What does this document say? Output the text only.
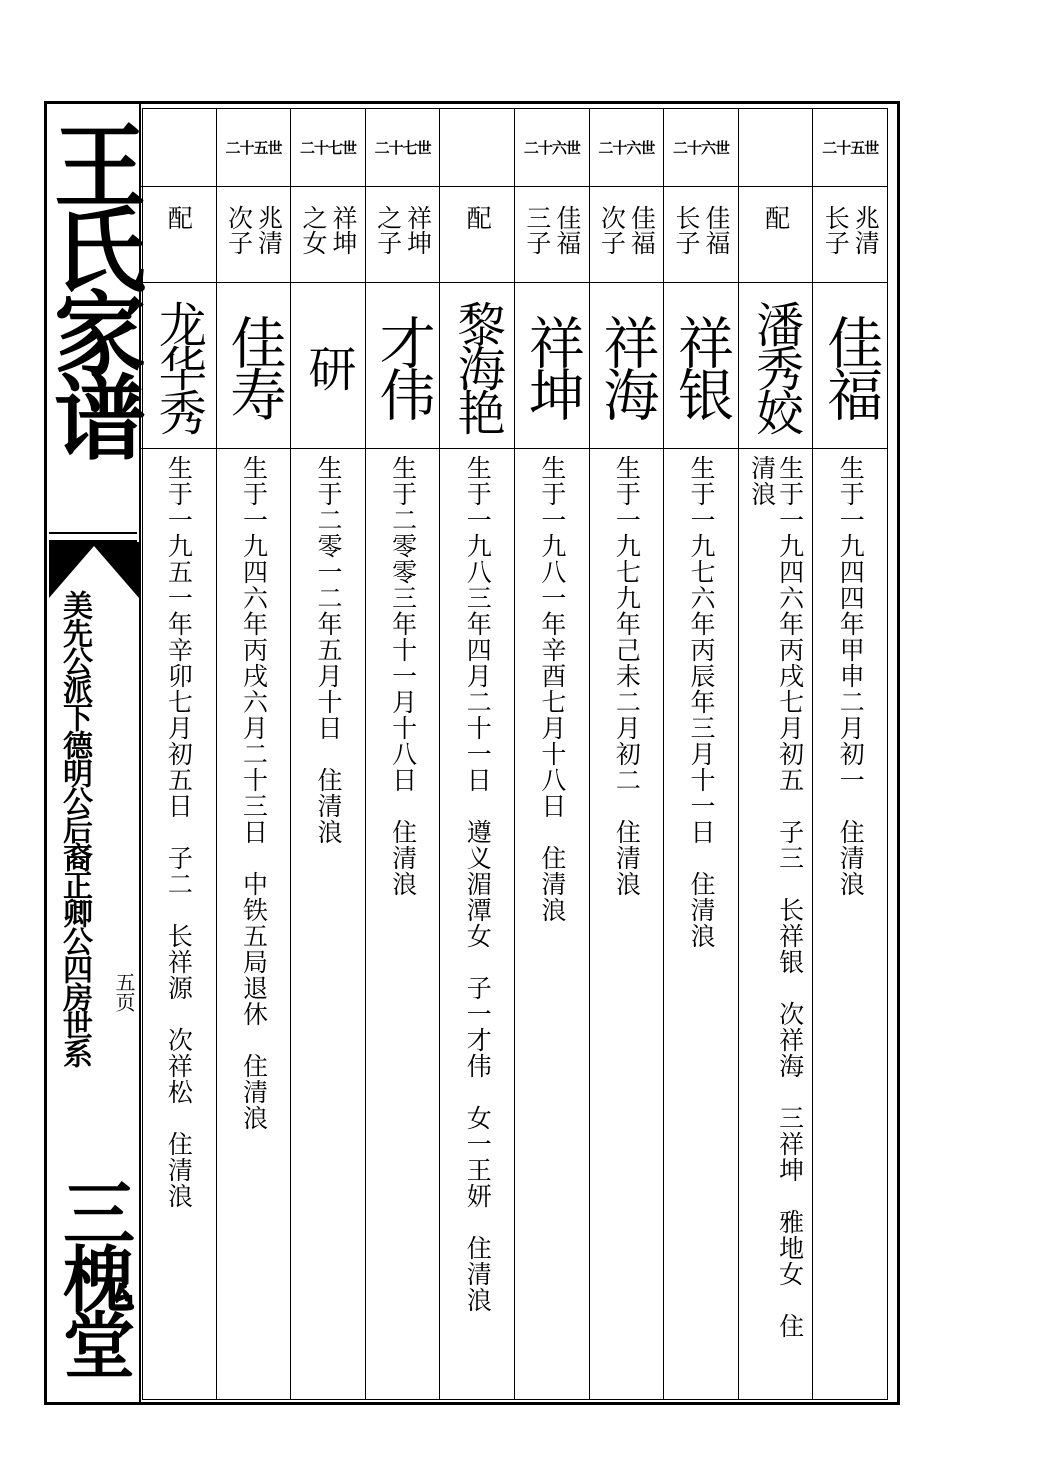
王氏家谱
美先公派下德明公后裔正卿公四房世系 五页
三槐堂
二十五世
兆清长子
佳福
生于一九四四年甲申二月初一　住清浪
配
潘秀姣
生于一九四六年丙戌七月初五　子三　长祥银　次祥海　三祥坤　雅地女　住清浪
二十六世
佳福长子
祥银
生于一九七六年丙辰年三月十一日　住清浪
二十六世
佳福次子
祥海
生于一九七九年己未二月初二　住清浪
二十六世
佳福三子
祥坤
生于一九八一年辛酉七月十八日　住清浪
配
黎海艳
生于一九八三年四月二十一日　遵义湄潭女　子一才伟　女一王妍　住清浪
二十七世
祥坤之子
才伟
生于二零零三年十一月十八日　住清浪
二十七世
祥坤之女
研
生于二零一二年五月十日　住清浪
二十五世
兆清次子
佳寿
生于一九四六年丙戌六月二十三日　中铁五局退休　住清浪
配
龙华秀
生于一九五一年辛卯七月初五日　子二　长祥源　次祥松　住清浪
